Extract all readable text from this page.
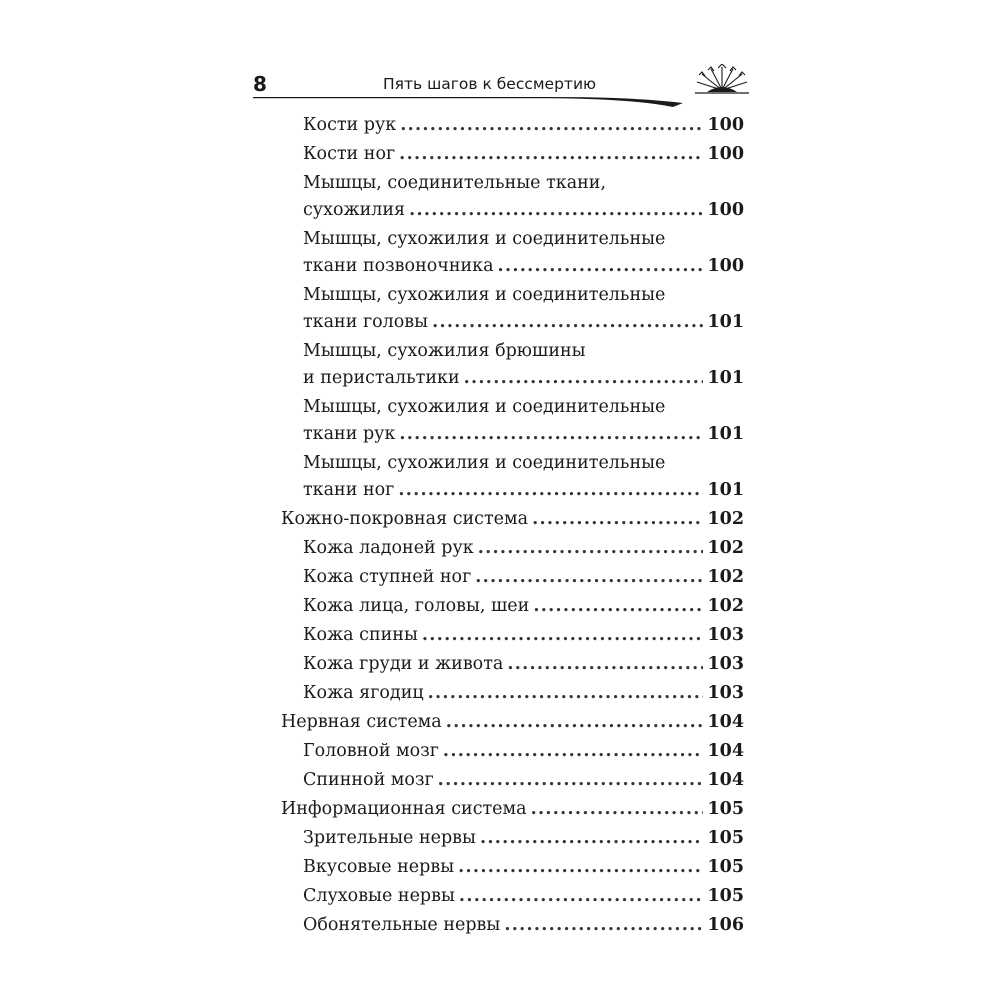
8	Пять шагов к бессмертию

Кости рук .....	100
Кости ног .....	100
Мышцы, соединительные ткани,
сухожилия .....	100
Мышцы, сухожилия и соединительные
ткани позвоночника .....	100
Мышцы, сухожилия и соединительные
ткани головы .....	101
Мышцы, сухожилия брюшины
и перистальтики .....	101
Мышцы, сухожилия и соединительные
ткани рук .....	101
Мышцы, сухожилия и соединительные
ткани ног .....	101
Кожно-покровная система .....	102
Кожа ладоней рук .....	102
Кожа ступней ног .....	102
Кожа лица, головы, шеи .....	102
Кожа спины .....	103
Кожа груди и живота .....	103
Кожа ягодиц .....	103
Нервная система .....	104
Головной мозг .....	104
Спинной мозг .....	104
Информационная система .....	105
Зрительные нервы .....	105
Вкусовые нервы .....	105
Слуховые нервы .....	105
Обонятельные нервы .....	106
